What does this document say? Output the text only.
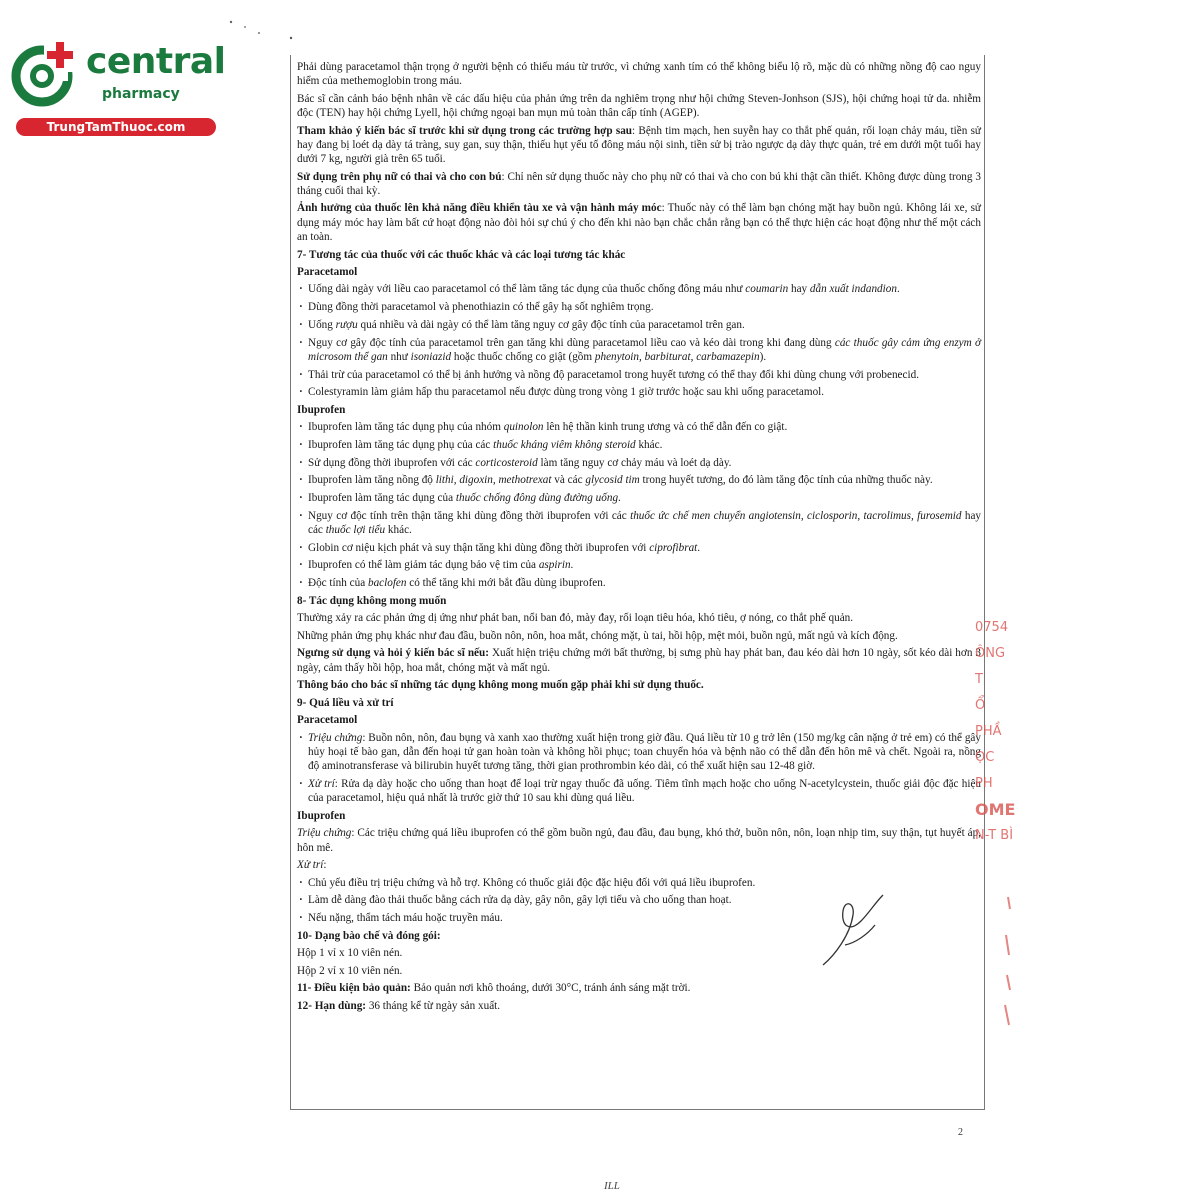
central
pharmacy
TrungTamThuoc.com

Phải dùng paracetamol thận trọng ở người bệnh có thiếu máu từ trước, vì chứng xanh tím có thể không biểu lộ rõ, mặc dù có những nồng độ cao nguy hiểm của methemoglobin trong máu.

Bác sĩ cần cảnh báo bệnh nhân về các dấu hiệu của phản ứng trên da nghiêm trọng như hội chứng Steven-Jonhson (SJS), hội chứng hoại tử da. nhiễm độc (TEN) hay hội chứng Lyell, hội chứng ngoại ban mụn mủ toàn thân cấp tính (AGEP).

Tham khảo ý kiến bác sĩ trước khi sử dụng trong các trường hợp sau: Bệnh tim mạch, hen suyễn hay co thắt phế quản, rối loạn chảy máu, tiền sử hay đang bị loét dạ dày tá tràng, suy gan, suy thận, thiếu hụt yếu tố đông máu nội sinh, tiền sử bị trào ngược dạ dày thực quản, trẻ em dưới một tuổi hay dưới 7 kg, người già trên 65 tuổi.

Sử dụng trên phụ nữ có thai và cho con bú: Chỉ nên sử dụng thuốc này cho phụ nữ có thai và cho con bú khi thật cần thiết. Không được dùng trong 3 tháng cuối thai kỳ.

Ảnh hưởng của thuốc lên khả năng điều khiển tàu xe và vận hành máy móc: Thuốc này có thể làm bạn chóng mặt hay buồn ngủ. Không lái xe, sử dụng máy móc hay làm bất cứ hoạt động nào đòi hỏi sự chú ý cho đến khi nào bạn chắc chắn rằng bạn có thể thực hiện các hoạt động như thế một cách an toàn.

7- Tương tác của thuốc với các thuốc khác và các loại tương tác khác
Paracetamol
· Uống dài ngày với liều cao paracetamol có thể làm tăng tác dụng của thuốc chống đông máu như coumarin hay dẫn xuất indandion.
· Dùng đồng thời paracetamol và phenothiazin có thể gây hạ sốt nghiêm trọng.
· Uống rượu quá nhiều và dài ngày có thể làm tăng nguy cơ gây độc tính của paracetamol trên gan.
· Nguy cơ gây độc tính của paracetamol trên gan tăng khi dùng paracetamol liều cao và kéo dài trong khi đang dùng các thuốc gây cảm ứng enzym ở microsom thể gan như isoniazid hoặc thuốc chống co giật (gồm phenytoin, barbiturat, carbamazepin).
· Thải trừ của paracetamol có thể bị ảnh hưởng và nồng độ paracetamol trong huyết tương có thể thay đổi khi dùng chung với probenecid.
· Colestyramin làm giảm hấp thu paracetamol nếu được dùng trong vòng 1 giờ trước hoặc sau khi uống paracetamol.
Ibuprofen
· Ibuprofen làm tăng tác dụng phụ của nhóm quinolon lên hệ thần kinh trung ương và có thể dẫn đến co giật.
· Ibuprofen làm tăng tác dụng phụ của các thuốc kháng viêm không steroid khác.
· Sử dụng đồng thời ibuprofen với các corticosteroid làm tăng nguy cơ chảy máu và loét dạ dày.
· Ibuprofen làm tăng nồng độ lithi, digoxin, methotrexat và các glycosid tim trong huyết tương, do đó làm tăng độc tính của những thuốc này.
· Ibuprofen làm tăng tác dụng của thuốc chống đông dùng đường uống.
· Nguy cơ độc tính trên thận tăng khi dùng đồng thời ibuprofen với các thuốc ức chế men chuyển angiotensin, ciclosporin, tacrolimus, furosemid hay các thuốc lợi tiểu khác.
· Globin cơ niệu kịch phát và suy thận tăng khi dùng đồng thời ibuprofen với ciprofibrat.
· Ibuprofen có thể làm giảm tác dụng bảo vệ tim của aspirin.
· Độc tính của baclofen có thể tăng khi mới bắt đầu dùng ibuprofen.
8- Tác dụng không mong muốn

Thường xảy ra các phản ứng dị ứng như phát ban, nổi ban đỏ, mày đay, rối loạn tiêu hóa, khó tiêu, ợ nóng, co thắt phế quản.

Những phản ứng phụ khác như đau đầu, buồn nôn, nôn, hoa mắt, chóng mặt, ù tai, hồi hộp, mệt mỏi, buồn ngủ, mất ngủ và kích động.

Ngưng sử dụng và hỏi ý kiến bác sĩ nếu: Xuất hiện triệu chứng mới bất thường, bị sưng phù hay phát ban, đau kéo dài hơn 10 ngày, sốt kéo dài hơn 3 ngày, cảm thấy hồi hộp, hoa mắt, chóng mặt và mất ngủ.

Thông báo cho bác sĩ những tác dụng không mong muốn gặp phải khi sử dụng thuốc.
9- Quá liều và xử trí
Paracetamol
· Triệu chứng: Buồn nôn, nôn, đau bụng và xanh xao thường xuất hiện trong giờ đầu. Quá liều từ 10 g trở lên (150 mg/kg cân nặng ở trẻ em) có thể gây hủy hoại tế bào gan, dẫn đến hoại tử gan hoàn toàn và không hồi phục; toan chuyển hóa và bệnh não có thể dẫn đến hôn mê và chết. Ngoài ra, nồng độ aminotransferase và bilirubin huyết tương tăng, thời gian prothrombin kéo dài, có thể xuất hiện sau 12-48 giờ.
· Xử trí: Rửa dạ dày hoặc cho uống than hoạt để loại trừ ngay thuốc đã uống. Tiêm tĩnh mạch hoặc cho uống N-acetylcystein, thuốc giải độc đặc hiệu của paracetamol, hiệu quả nhất là trước giờ thứ 10 sau khi dùng quá liều.
Ibuprofen

Triệu chứng: Các triệu chứng quá liều ibuprofen có thể gồm buồn ngủ, đau đầu, đau bụng, khó thở, buồn nôn, nôn, loạn nhịp tim, suy thận, tụt huyết áp, hôn mê.

Xử trí:

· Chủ yếu điều trị triệu chứng và hỗ trợ. Không có thuốc giải độc đặc hiệu đối với quá liều ibuprofen.
· Làm dễ dàng đào thải thuốc bằng cách rửa dạ dày, gây nôn, gây lợi tiểu và cho uống than hoạt.
· Nếu nặng, thẩm tách máu hoặc truyền máu.
10- Dạng bào chế và đóng gói:

Hộp 1 vỉ x 10 viên nén.

Hộp 2 vỉ x 10 viên nén.

11- Điều kiện bảo quản: Bảo quản nơi khô thoáng, dưới 30°C, tránh ánh sáng mặt trời.

12- Hạn dùng: 36 tháng kể từ ngày sản xuất.

0754
ÔNG T
Ổ PHẦ
ỌC PH
OME
N-T BÌ
2
ILL
